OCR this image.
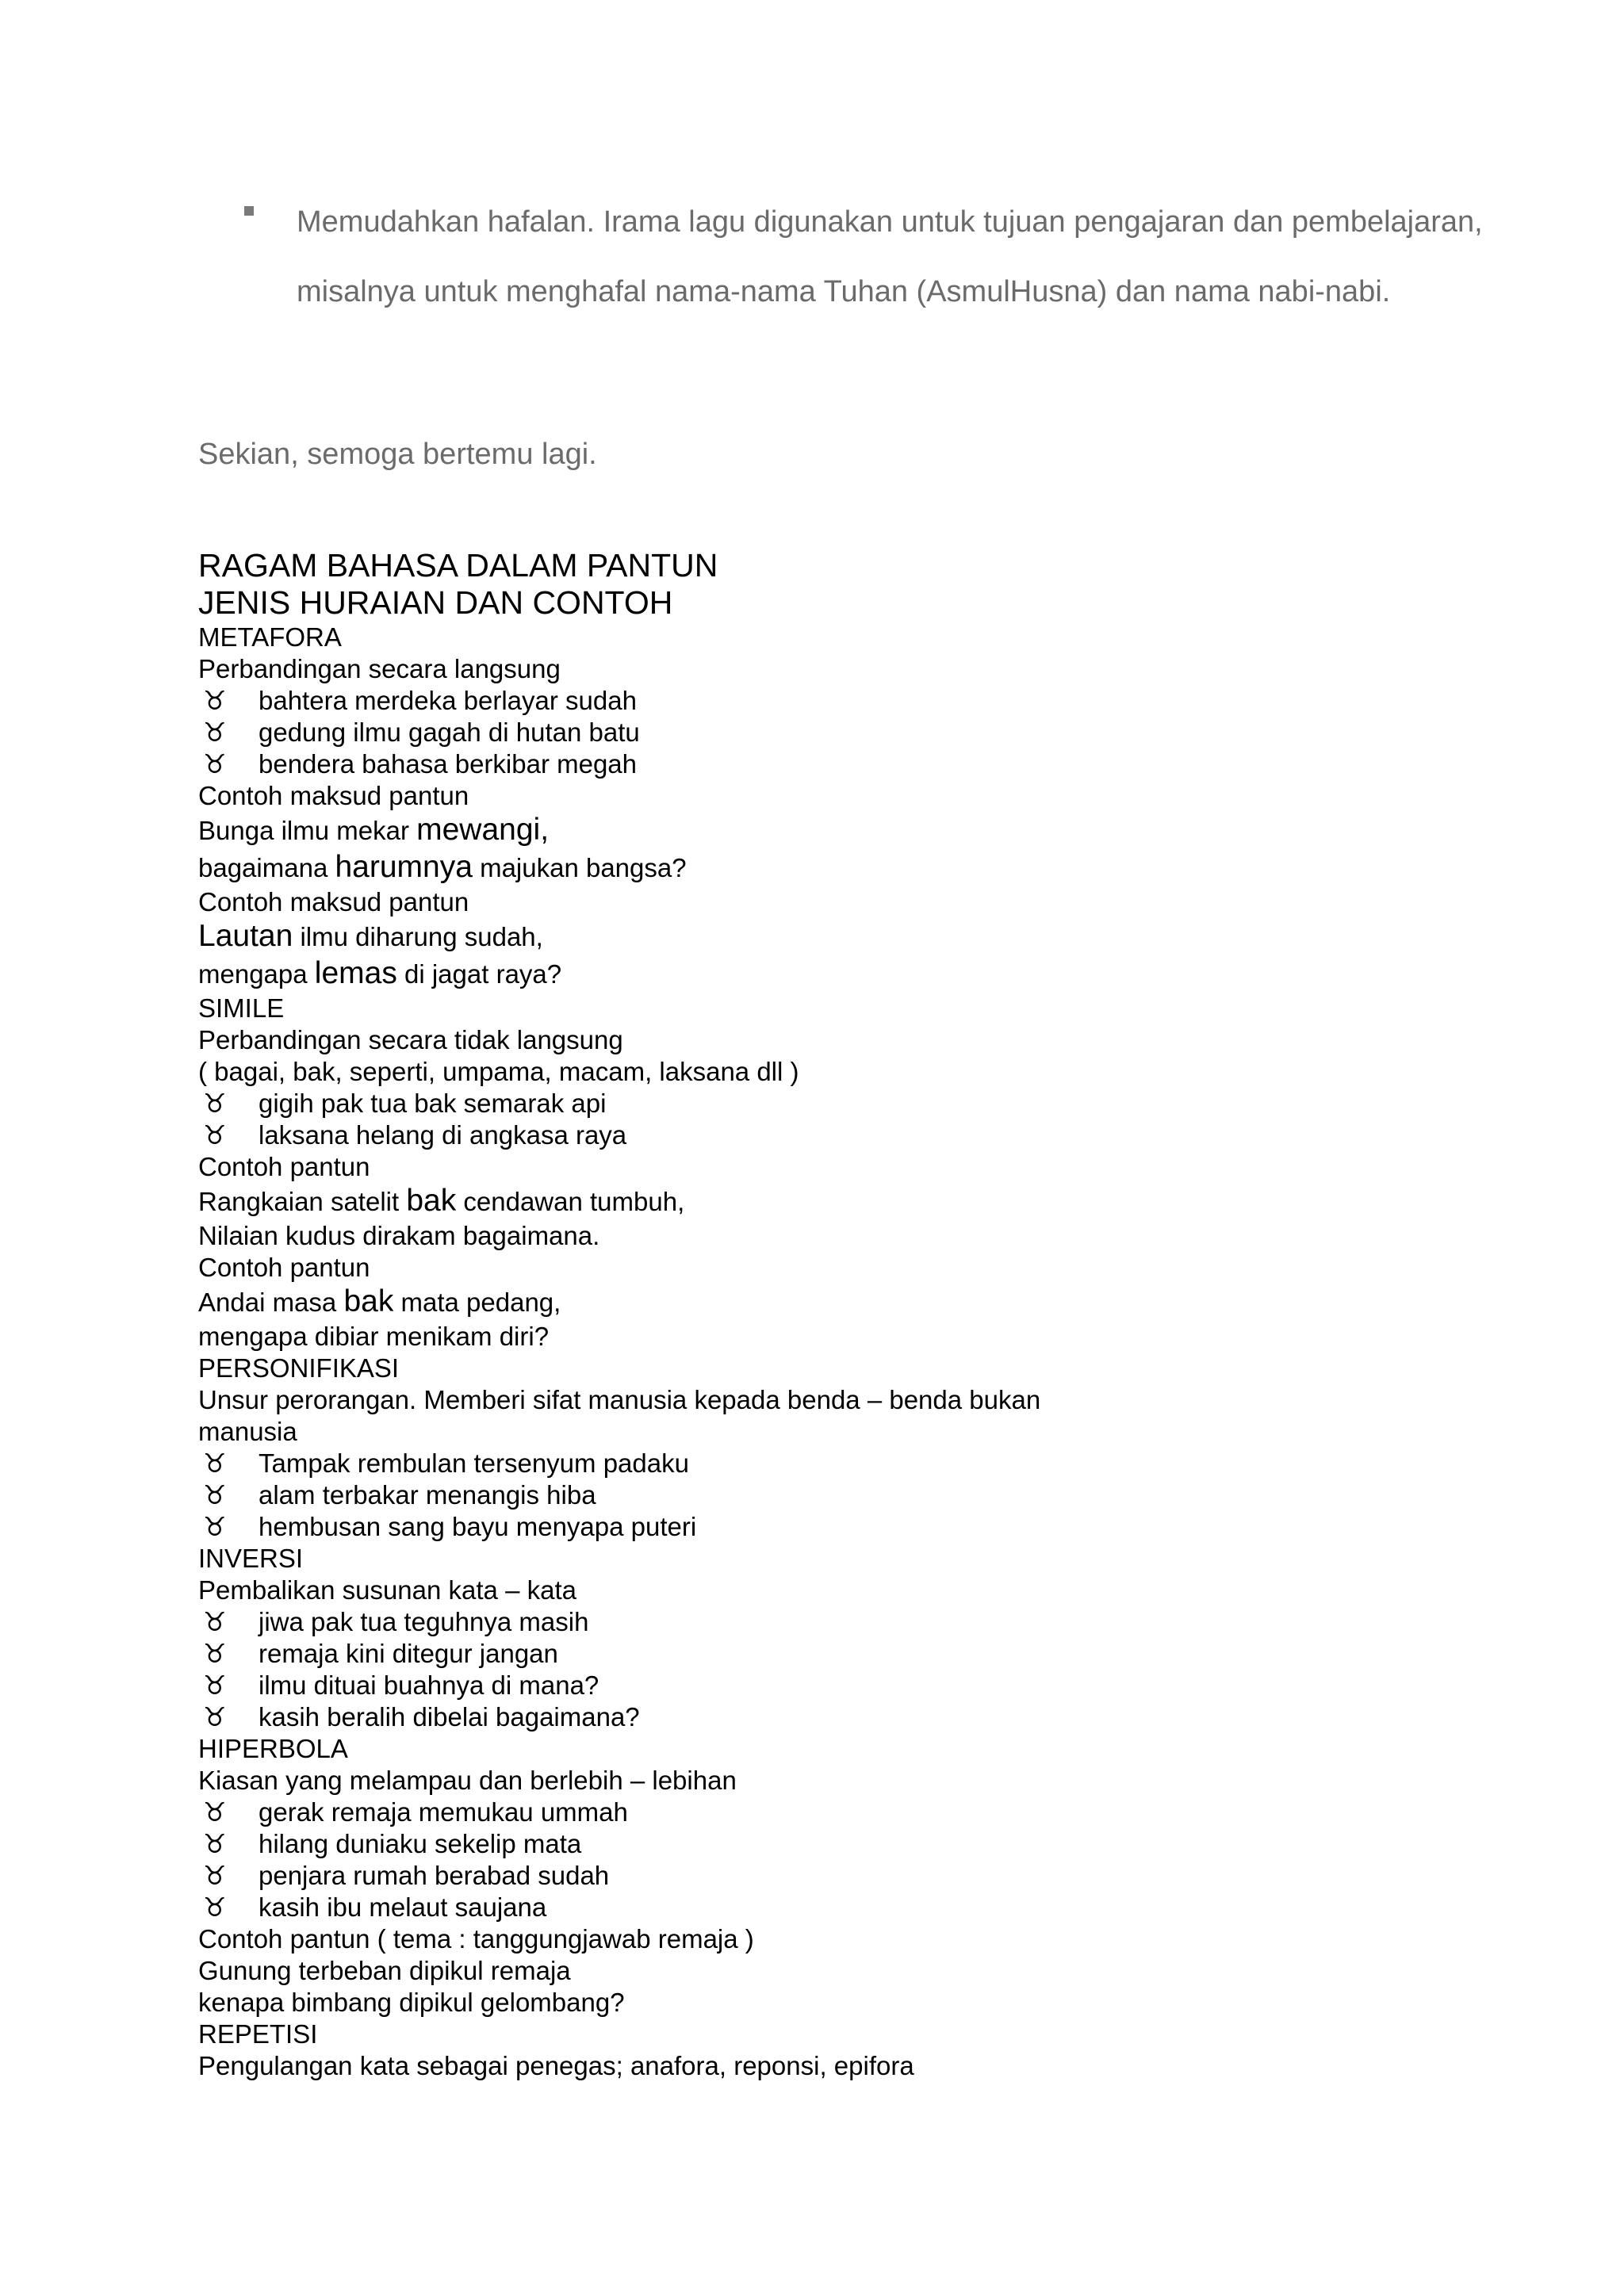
Memudahkan hafalan. Irama lagu digunakan untuk tujuan pengajaran dan pembelajaran, misalnya untuk menghafal nama-nama Tuhan (AsmulHusna) dan nama nabi-nabi.
Sekian, semoga bertemu lagi.
RAGAM BAHASA DALAM PANTUN
JENIS HURAIAN DAN CONTOH
METAFORA
Perbandingan secara langsung
♉ bahtera merdeka berlayar sudah
♉ gedung ilmu gagah di hutan batu
♉ bendera bahasa berkibar megah
Contoh maksud pantun
Bunga ilmu mekar mewangi,
bagaimana harumnya majukan bangsa?
Contoh maksud pantun
Lautan ilmu diharung sudah,
mengapa lemas di jagat raya?
SIMILE
Perbandingan secara tidak langsung
( bagai, bak, seperti, umpama, macam, laksana dll )
♉ gigih pak tua bak semarak api
♉ laksana helang di angkasa raya
Contoh pantun
Rangkaian satelit bak cendawan tumbuh,
Nilaian kudus dirakam bagaimana.
Contoh pantun
Andai masa bak mata pedang,
mengapa dibiar menikam diri?
PERSONIFIKASI
Unsur perorangan. Memberi sifat manusia kepada benda – benda bukan manusia
♉ Tampak rembulan tersenyum padaku
♉ alam terbakar menangis hiba
♉ hembusan sang bayu menyapa puteri
INVERSI
Pembalikan susunan kata – kata
♉ jiwa pak tua teguhnya masih
♉ remaja kini ditegur jangan
♉ ilmu dituai buahnya di mana?
♉ kasih beralih dibelai bagaimana?
HIPERBOLA
Kiasan yang melampau dan berlebih – lebihan
♉ gerak remaja memukau ummah
♉ hilang duniaku sekelip mata
♉ penjara rumah berabad sudah
♉ kasih ibu melaut saujana
Contoh pantun ( tema : tanggungjawab remaja )
Gunung terbeban dipikul remaja
kenapa bimbang dipikul gelombang?
REPETISI
Pengulangan kata sebagai penegas; anafora, reponsi, epifora
